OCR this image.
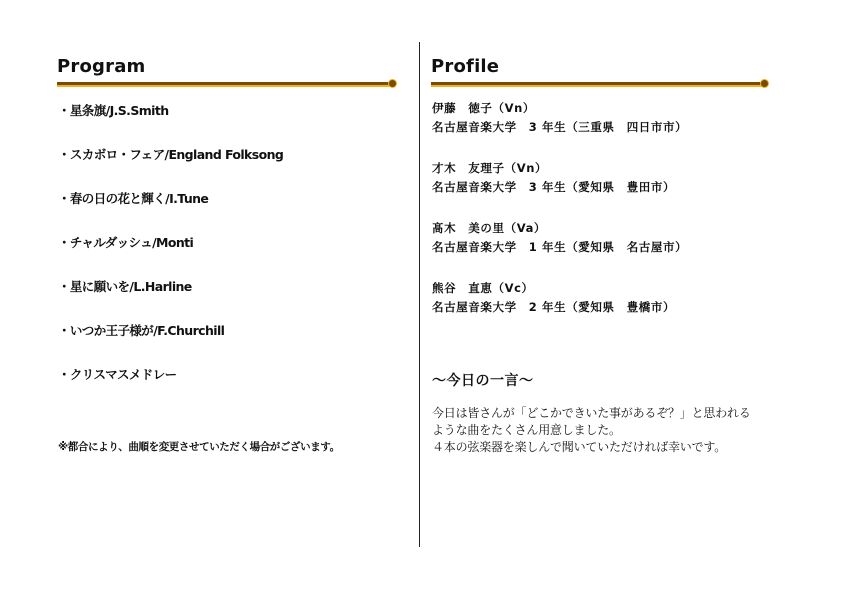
Program
・星条旗/J.S.Smith
・スカボロ・フェア/England Folksong
・春の日の花と輝く/I.Tune
・チャルダッシュ/Monti
・星に願いを/L.Harline
・いつか王子様が/F.Churchill
・クリスマスメドレー
※都合により、曲順を変更させていただく場合がございます。
Profile
伊藤　徳子（Vn）
名古屋音楽大学　3 年生（三重県　四日市市）
才木　友理子（Vn）
名古屋音楽大学　3 年生（愛知県　豊田市）
髙木　美の里（Va）
名古屋音楽大学　1 年生（愛知県　名古屋市）
熊谷　直恵（Vc）
名古屋音楽大学　2 年生（愛知県　豊橋市）
～今日の一言～
今日は皆さんが「どこかできいた事があるぞ？」と思われる
ような曲をたくさん用意しました。
４本の弦楽器を楽しんで聞いていただければ幸いです。
